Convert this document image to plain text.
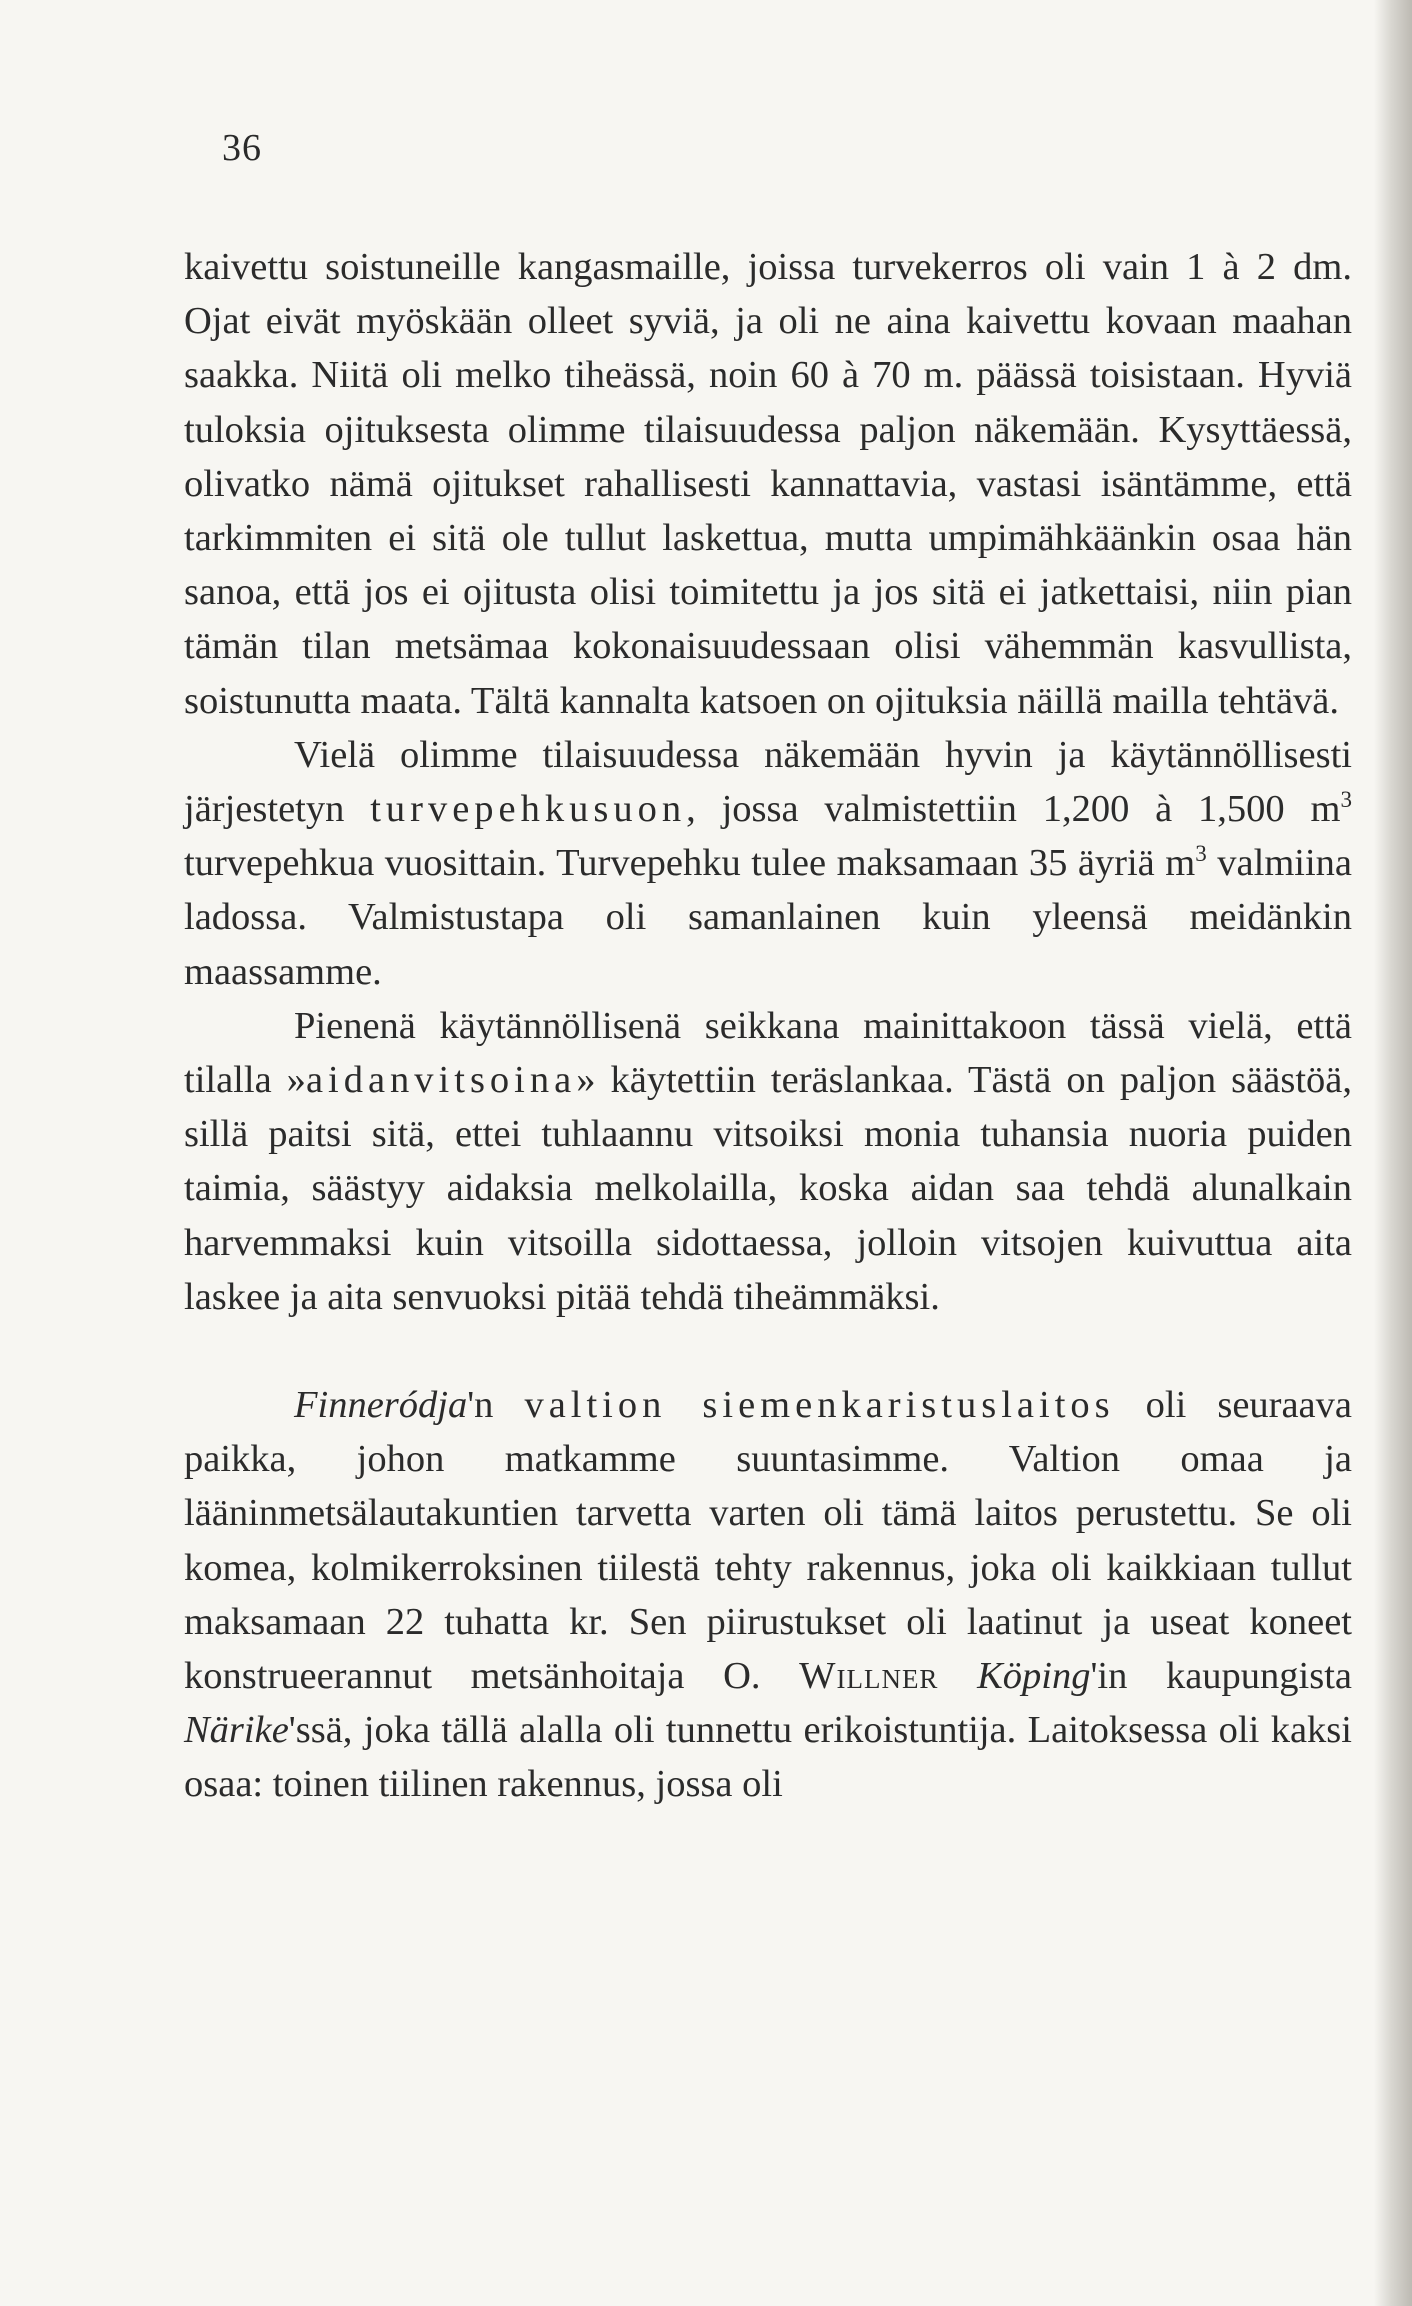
36

kaivettu soistuneille kangasmaille, joissa turvekerros oli vain 1 à 2 dm. Ojat eivät myöskään olleet syviä, ja oli ne aina kaivettu kovaan maahan saakka. Niitä oli melko tiheässä, noin 60 à 70 m. päässä toisistaan. Hyviä tuloksia ojituksesta olimme tilaisuudessa paljon näkemään. Kysyttäessä, olivatko nämä ojitukset rahallisesti kannattavia, vastasi isäntämme, että tarkimmiten ei sitä ole tullut laskettua, mutta umpimähkäänkin osaa hän sanoa, että jos ei ojitusta olisi toimitettu ja jos sitä ei jatkettaisi, niin pian tämän tilan metsämaa kokonaisuudessaan olisi vähemmän kasvullista, soistunutta maata. Tältä kannalta katsoen on ojituksia näillä mailla tehtävä.

Vielä olimme tilaisuudessa näkemään hyvin ja käytännöllisesti järjestetyn turvepehkusuon, jossa valmistettiin 1,200 à 1,500 $m^3$ turvepehkua vuosittain. Turvepehku tulee maksamaan 35 äyriä $m^3$ valmiina ladossa. Valmistustapa oli samanlainen kuin yleensä meidänkin maassamme.

Pienenä käytännöllisenä seikkana mainittakoon tässä vielä, että tilalla »aidanvitsoina» käytettiin teräslankaa. Tästä on paljon säästöä, sillä paitsi sitä, ettei tuhlaannu vitsoiksi monia tuhansia nuoria puiden taimia, säästyy aidaksia melkolailla, koska aidan saa tehdä alunalkain harvemmaksi kuin vitsoilla sidottaessa, jolloin vitsojen kuivuttua aita laskee ja aita senvuoksi pitää tehdä tiheämmäksi.

Finneródja'n valtion siemenkaristuslaitos oli seuraava paikka, johon matkamme suuntasimme. Valtion omaa ja lääninmetsälautakuntien tarvetta varten oli tämä laitos perustettu. Se oli komea, kolmikerroksinen tiilestä tehty rakennus, joka oli kaikkiaan tullut maksamaan 22 tuhatta kr. Sen piirustukset oli laatinut ja useat koneet konstrueerannut metsänhoitaja O. Willner Köping'in kaupungista Närike'ssä, joka tällä alalla oli tunnettu erikoistuntija. Laitoksessa oli kaksi osaa: toinen tiilinen rakennus, jossa oli
